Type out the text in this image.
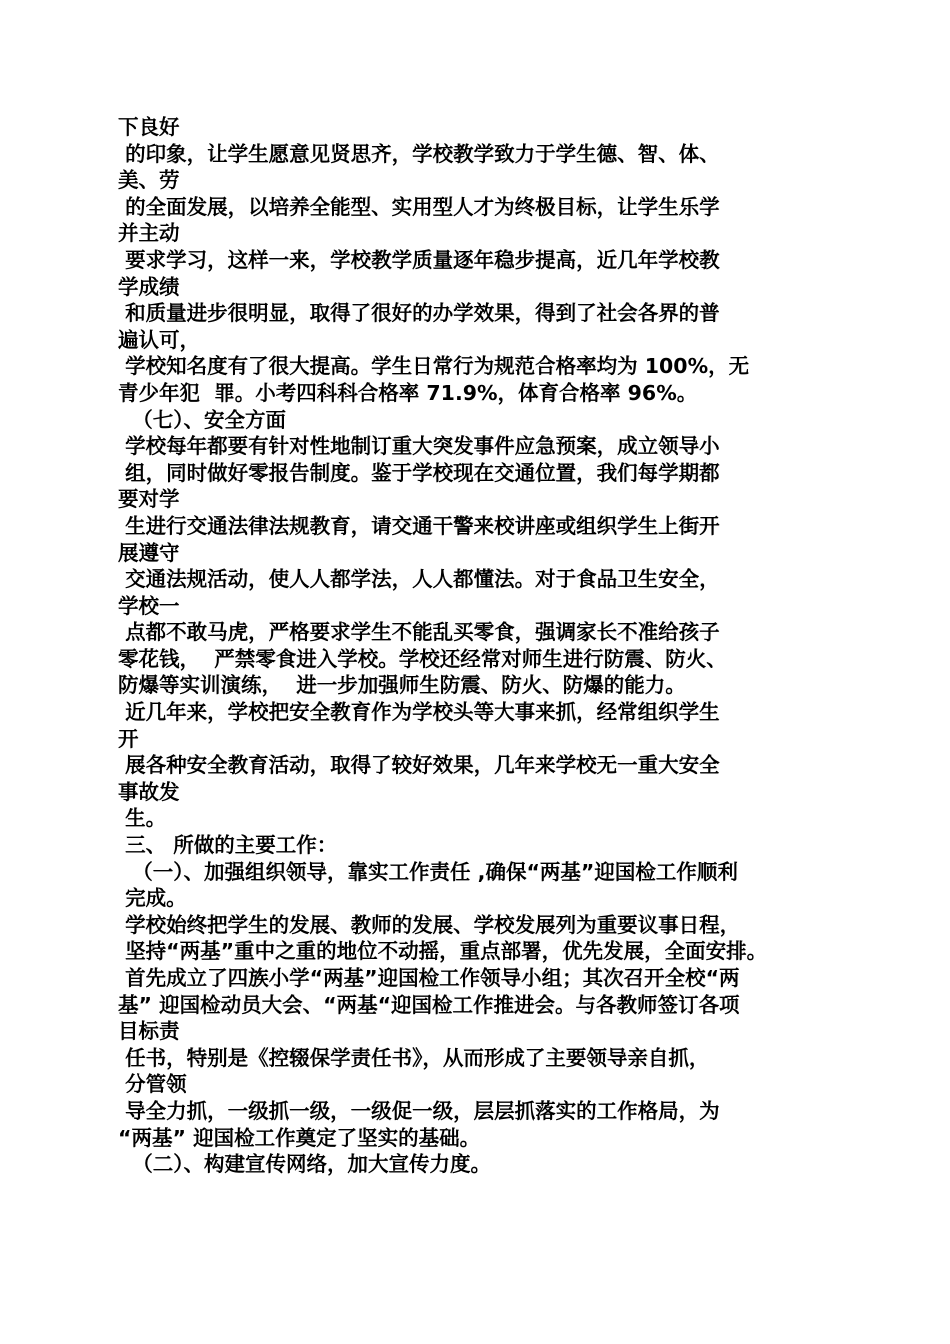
下良好
的印象，让学生愿意见贤思齐，学校教学致力于学生德、智、体、
美、劳
的全面发展，以培养全能型、实用型人才为终极目标，让学生乐学
并主动
要求学习，这样一来，学校教学质量逐年稳步提高，近几年学校教
学成绩
和质量进步很明显，取得了很好的办学效果，得到了社会各界的普
遍认可，
学校知名度有了很大提高。学生日常行为规范合格率均为 100%，无
青少年犯  罪。小考四科科合格率 71.9%，体育合格率 96%。
（七）、安全方面
学校每年都要有针对性地制订重大突发事件应急预案，成立领导小
组，同时做好零报告制度。鉴于学校现在交通位置，我们每学期都
要对学
生进行交通法律法规教育，请交通干警来校讲座或组织学生上街开
展遵守
交通法规活动，使人人都学法，人人都懂法。对于食品卫生安全，
学校一
点都不敢马虎，严格要求学生不能乱买零食，强调家长不准给孩子
零花钱，  严禁零食进入学校。学校还经常对师生进行防震、防火、
防爆等实训演练，  进一步加强师生防震、防火、防爆的能力。
近几年来，学校把安全教育作为学校头等大事来抓，经常组织学生
开
展各种安全教育活动，取得了较好效果，几年来学校无一重大安全
事故发
生。
三、 所做的主要工作：
（一）、加强组织领导，靠实工作责任 ,确保“两基”迎国检工作顺利
完成。
学校始终把学生的发展、教师的发展、学校发展列为重要议事日程，
坚持“两基”重中之重的地位不动摇，重点部署，优先发展，全面安排。
首先成立了四族小学“两基”迎国检工作领导小组；其次召开全校“两
基” 迎国检动员大会、“两基“迎国检工作推进会。与各教师签订各项
目标责
任书，特别是《控辍保学责任书》，从而形成了主要领导亲自抓，
分管领
导全力抓，一级抓一级，一级促一级，层层抓落实的工作格局，为
“两基” 迎国检工作奠定了坚实的基础。
（二）、构建宣传网络，加大宣传力度。
